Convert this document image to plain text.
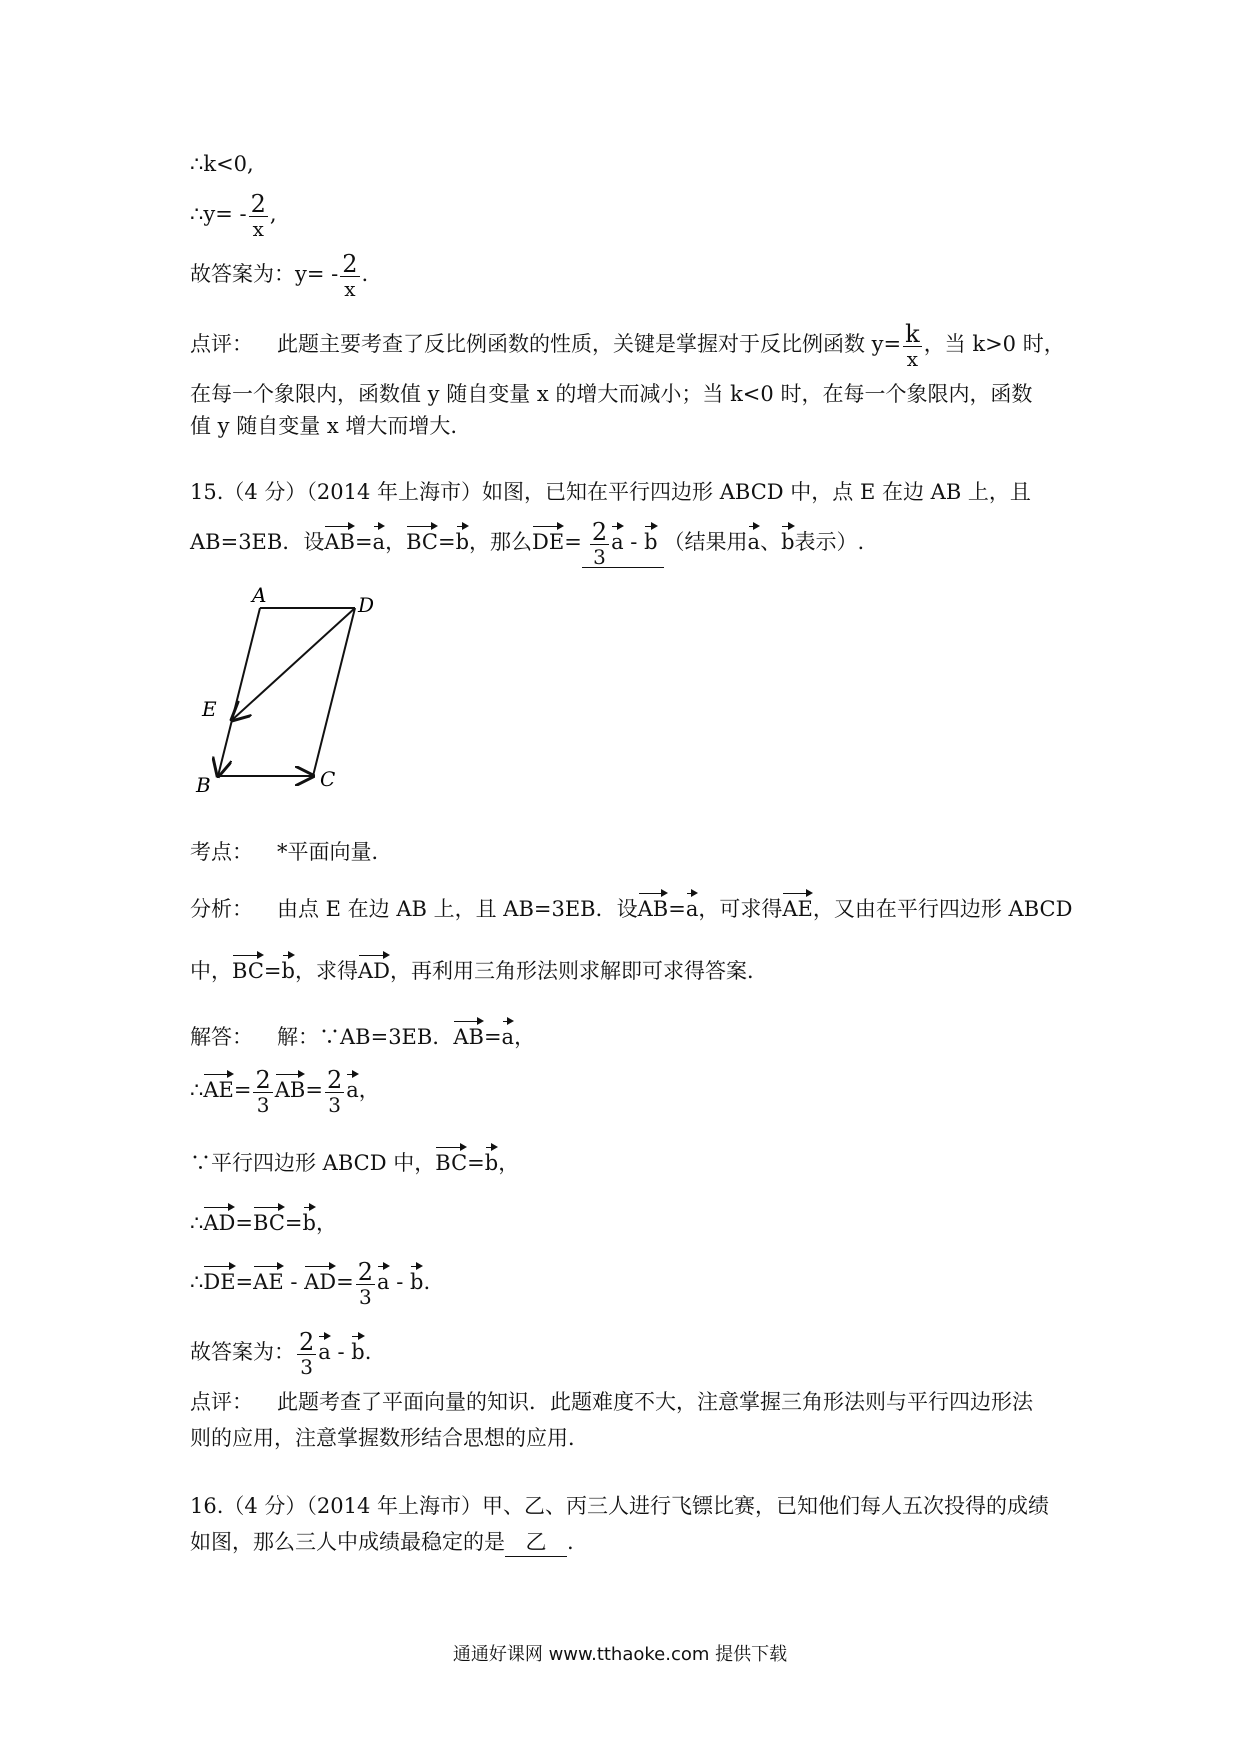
∴k<0,
∴y= - $\frac{2}{x}$ ,
故答案为：$y= - \frac{2}{x}$ .
点评： 此题主要考查了反比例函数的性质，关键是掌握对于反比例函数 $y= \frac{k}{x}$ ，当 k>0 时，
在每一个象限内，函数值 y 随自变量 x 的增大而减小；当 k<0 时，在每一个象限内，函数
值 y 随自变量 x 增大而增大.
15.（4 分）（2014 年上海市）如图，已知在平行四边形 ABCD 中，点 E 在边 AB 上，且
AB=3EB．设AB=a，BC=b，那么$DE= \frac{2}{3}$ a - b （结果用a、b表示）.
A	D
E
B	C
考点： *平面向量．
分析： 由点 E 在边 AB 上，且 AB=3EB．设AB=a，可求得AE，又由在平行四边形 ABCD
中，BC=b，求得AD，再利用三角形法则求解即可求得答案．
解答： 解：∵AB=3EB．AB=a，
∴AE= $\frac{2}{3} AB= \frac{2}{3}$ a，
∵平行四边形 ABCD 中，BC=b，
∴AD=BC=b，
∴DE=AE - $AD= \frac{2}{3}$ a - b.
故答案为： $\frac{2}{3}$ a - b.
点评： 此题考查了平面向量的知识．此题难度不大，注意掌握三角形法则与平行四边形法
则的应用，注意掌握数形结合思想的应用．
16.（4 分）（2014 年上海市）甲、乙、丙三人进行飞镖比赛，已知他们每人五次投得的成绩
如图，那么三人中成绩最稳定的是 乙 .
通通好课网 www.tthaoke.com 提供下载
